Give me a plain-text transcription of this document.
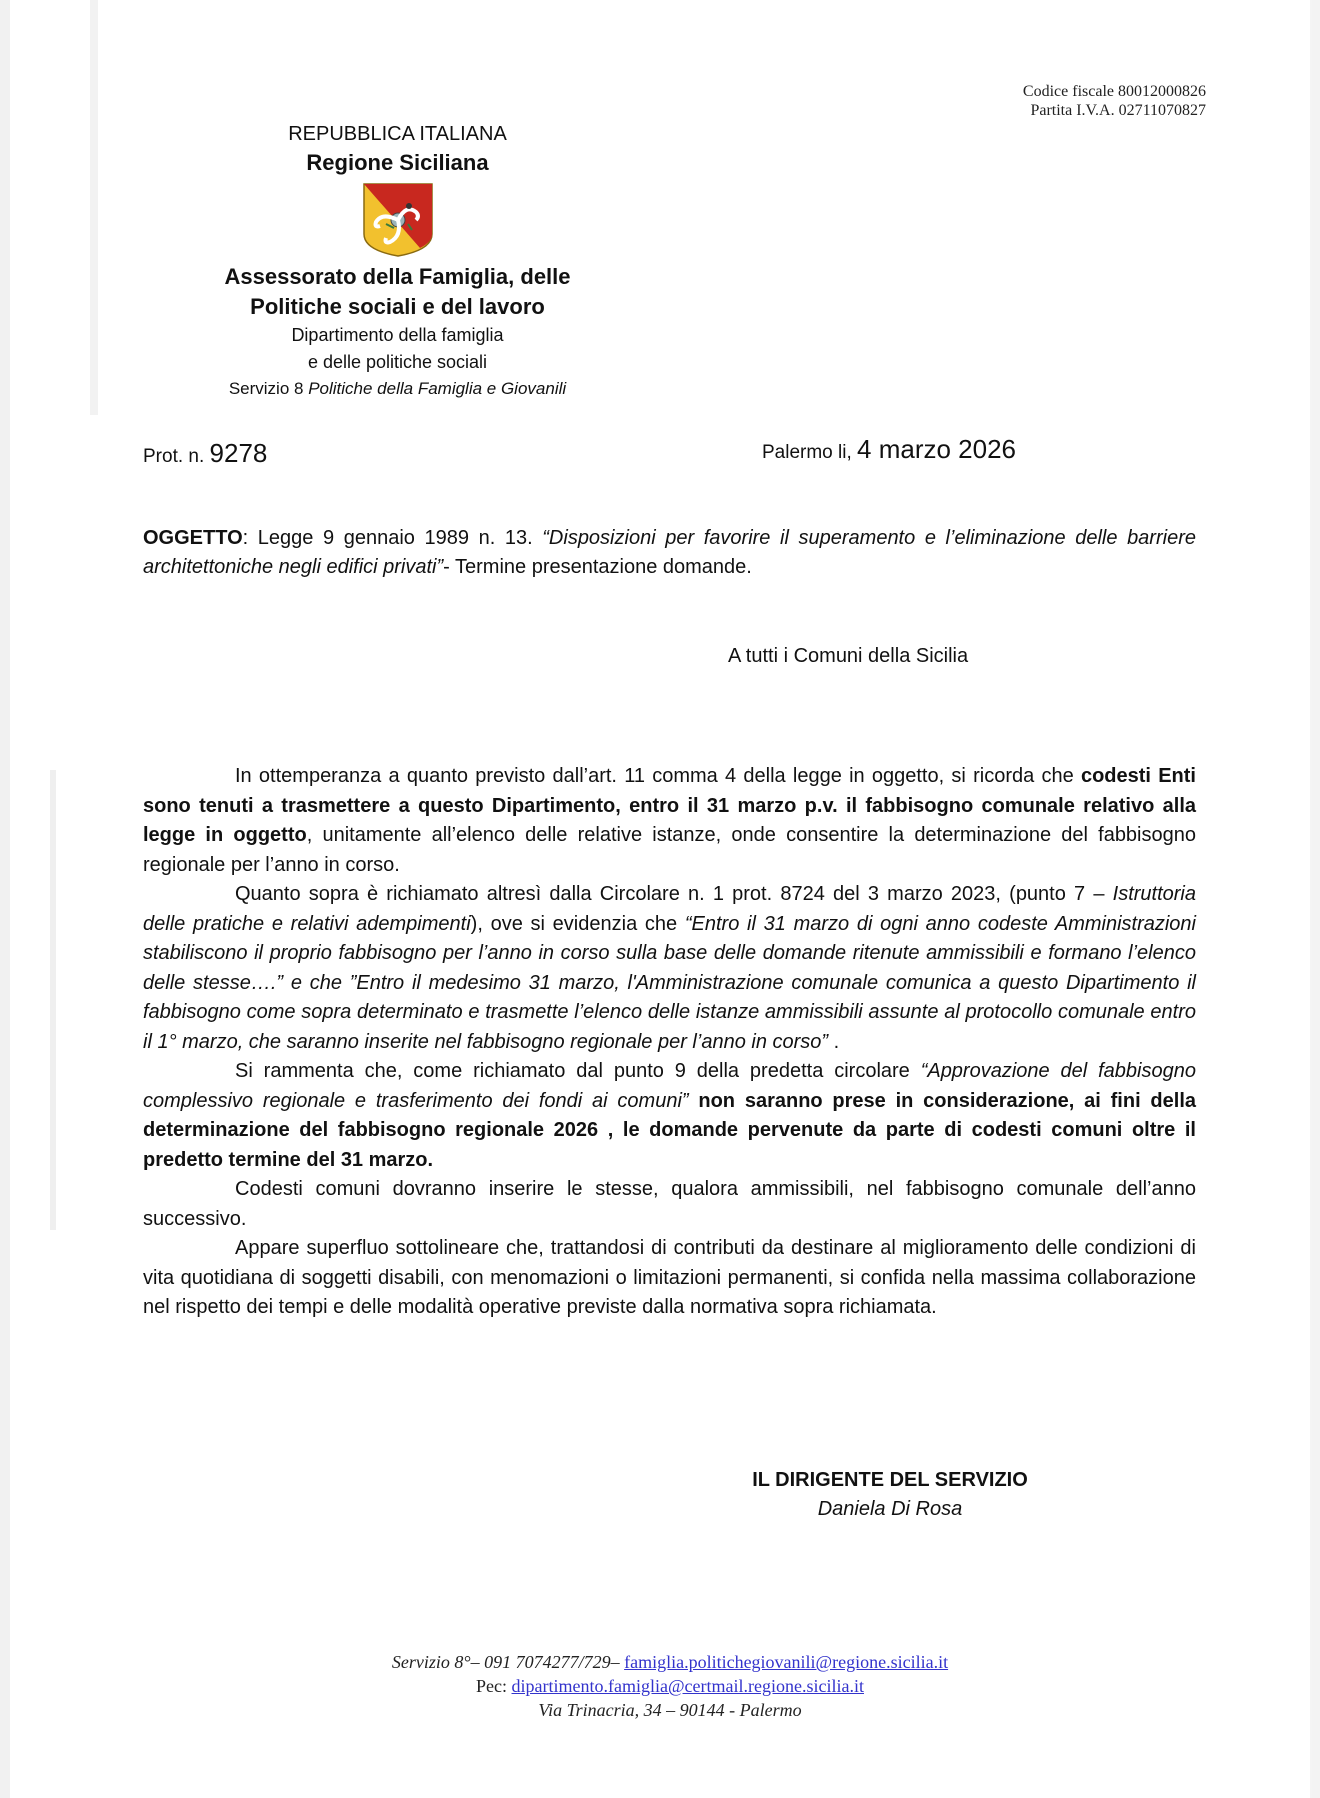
Codice fiscale 80012000826
Partita I.V.A. 02711070827
REPUBBLICA ITALIANA
Regione Siciliana
Assessorato della Famiglia, delle
Politiche sociali e del lavoro
Dipartimento della famiglia
e delle politiche sociali
Servizio 8 Politiche della Famiglia e Giovanili
Prot. n. 9278	Palermo li, 4 marzo 2026
OGGETTO: Legge 9 gennaio 1989 n. 13. “Disposizioni per favorire il superamento e l’eliminazione delle barriere architettoniche negli edifici privati”- Termine presentazione domande.
A tutti i Comuni della Sicilia

In ottemperanza a quanto previsto dall’art. 11 comma 4 della legge in oggetto, si ricorda che codesti Enti sono tenuti a trasmettere a questo Dipartimento, entro il 31 marzo p.v. il fabbisogno comunale relativo alla legge in oggetto, unitamente all’elenco delle relative istanze, onde consentire la determinazione del fabbisogno regionale per l’anno in corso.

Quanto sopra è richiamato altresì dalla Circolare n. 1 prot. 8724 del 3 marzo 2023, (punto 7 – Istruttoria delle pratiche e relativi adempimenti), ove si evidenzia che “Entro il 31 marzo di ogni anno codeste Amministrazioni stabiliscono il proprio fabbisogno per l’anno in corso sulla base delle domande ritenute ammissibili e formano l’elenco delle stesse….” e che ”Entro il medesimo 31 marzo, l'Amministrazione comunale comunica a questo Dipartimento il fabbisogno come sopra determinato e trasmette l’elenco delle istanze ammissibili assunte al protocollo comunale entro il 1° marzo, che saranno inserite nel fabbisogno regionale per l’anno in corso” .

Si rammenta che, come richiamato dal punto 9 della predetta circolare “Approvazione del fabbisogno complessivo regionale e trasferimento dei fondi ai comuni” non saranno prese in considerazione, ai fini della determinazione del fabbisogno regionale 2026 , le domande pervenute da parte di codesti comuni oltre il predetto termine del 31 marzo.

Codesti comuni dovranno inserire le stesse, qualora ammissibili, nel fabbisogno comunale dell’anno successivo.

Appare superfluo sottolineare che, trattandosi di contributi da destinare al miglioramento delle condizioni di vita quotidiana di soggetti disabili, con menomazioni o limitazioni permanenti, si confida nella massima collaborazione nel rispetto dei tempi e delle modalità operative previste dalla normativa sopra richiamata.

IL DIRIGENTE DEL SERVIZIO
Daniela Di Rosa
Servizio 8°– 091 7074277/729– famiglia.politichegiovanili@regione.sicilia.it
Pec: dipartimento.famiglia@certmail.regione.sicilia.it
Via Trinacria, 34 – 90144 - Palermo
